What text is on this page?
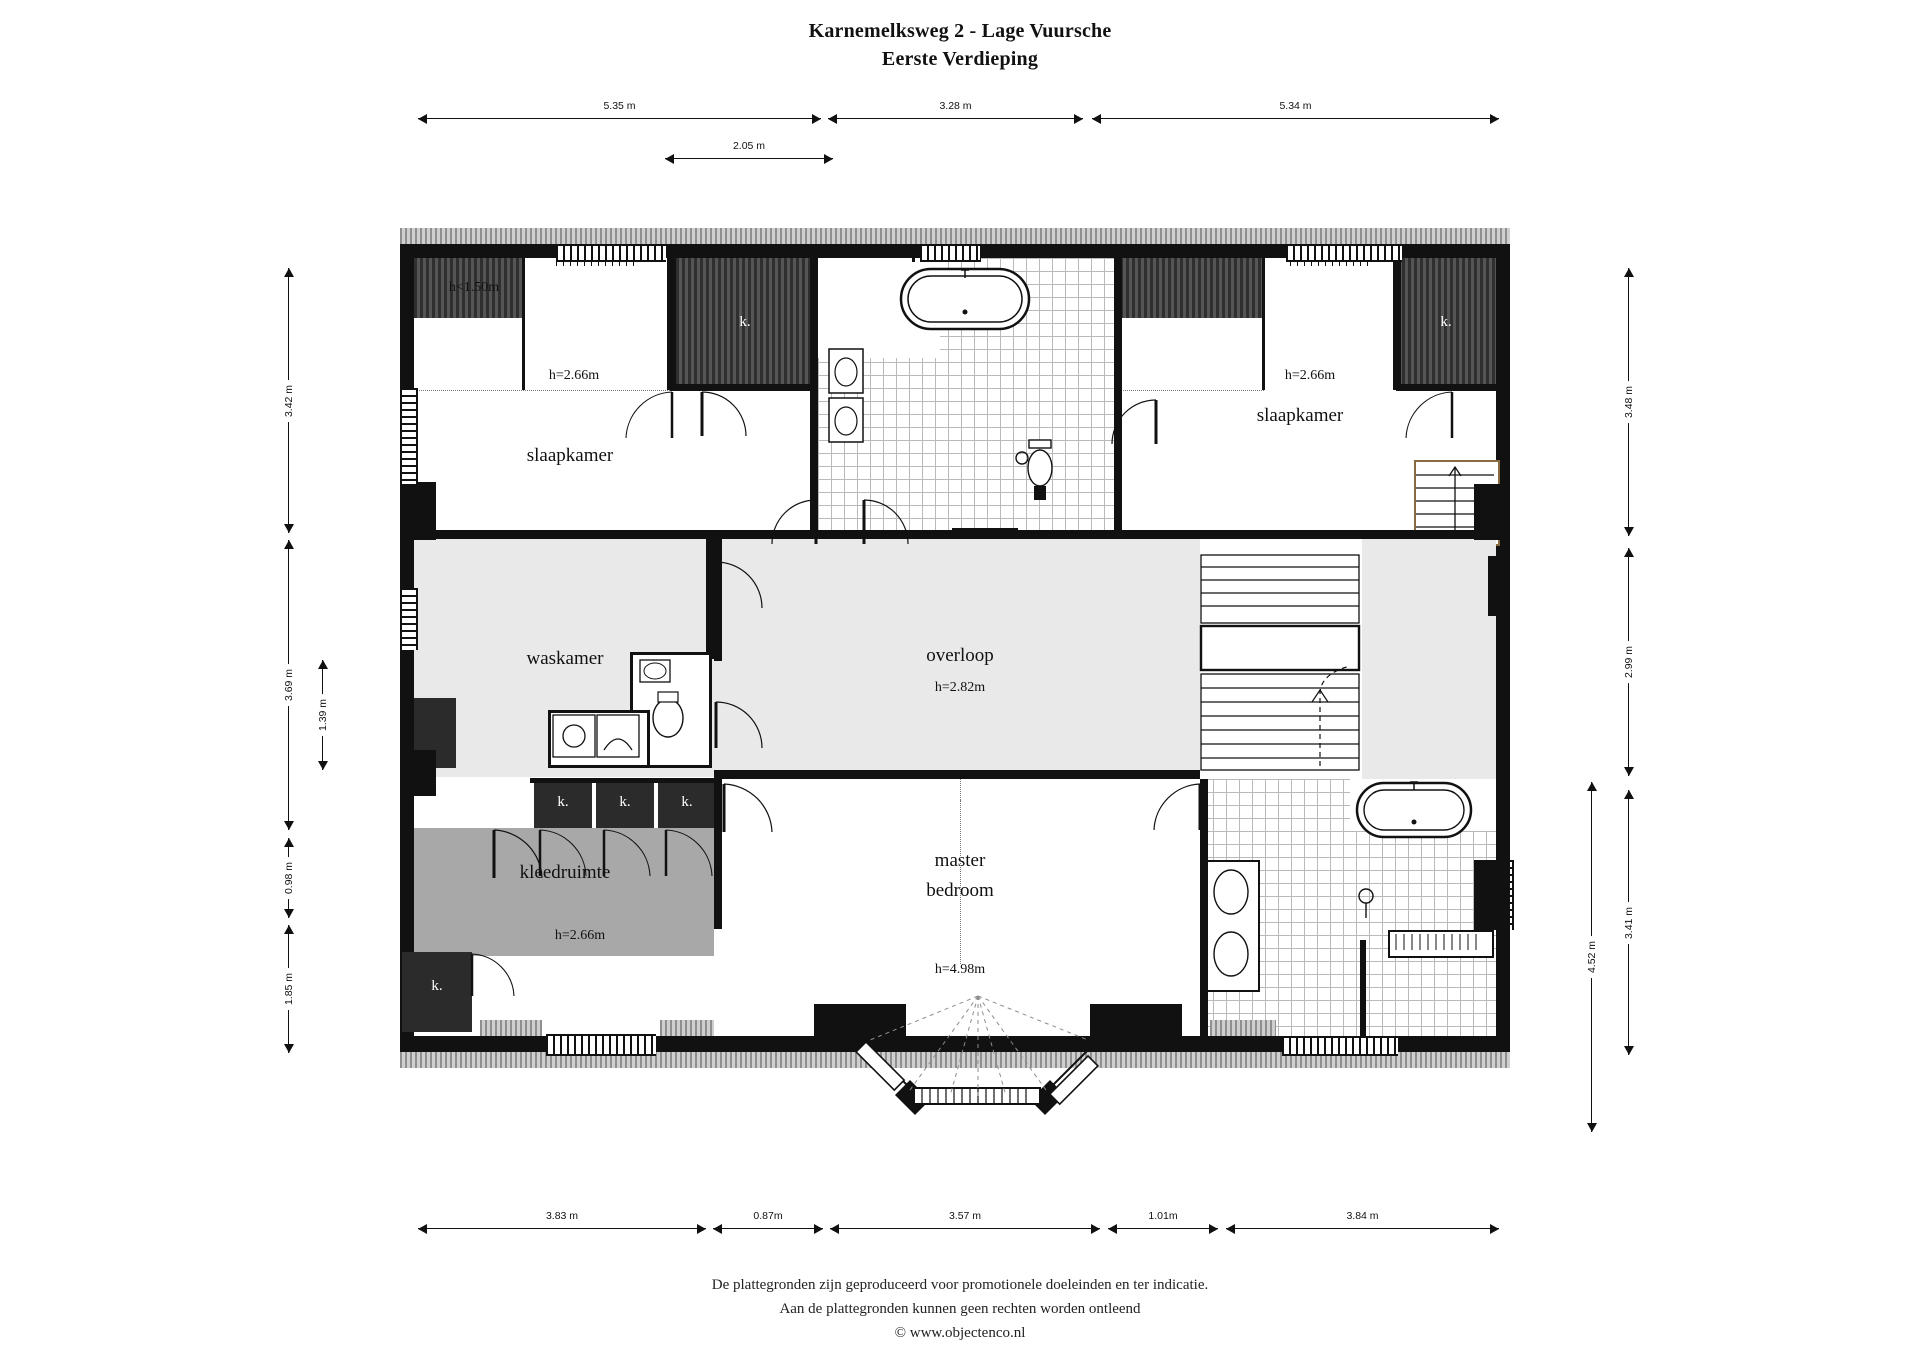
Karnemelksweg 2 - Lage Vuursche
Eerste Verdieping
5.35 m	3.28 m	5.34 m
2.05 m
3.42 m
3.69 m
1.39 m
0.98 m
1.85 m
3.48 m
2.99 m
3.41 m
4.52 m
3.83 m	0.87m	3.57 m	1.01m	3.84 m
k.
h<1.50m
h=2.66m
slaapkamer
k.
h=2.66m
slaapkamer
waskamer	overloop
h=2.82m
kleedruimte
h=2.66m
k.
k.	k.	k.
master
bedroom
h=4.98m
De plattegronden zijn geproduceerd voor promotionele doeleinden en ter indicatie.
Aan de plattegronden kunnen geen rechten worden ontleend
© www.objectenco.nl
